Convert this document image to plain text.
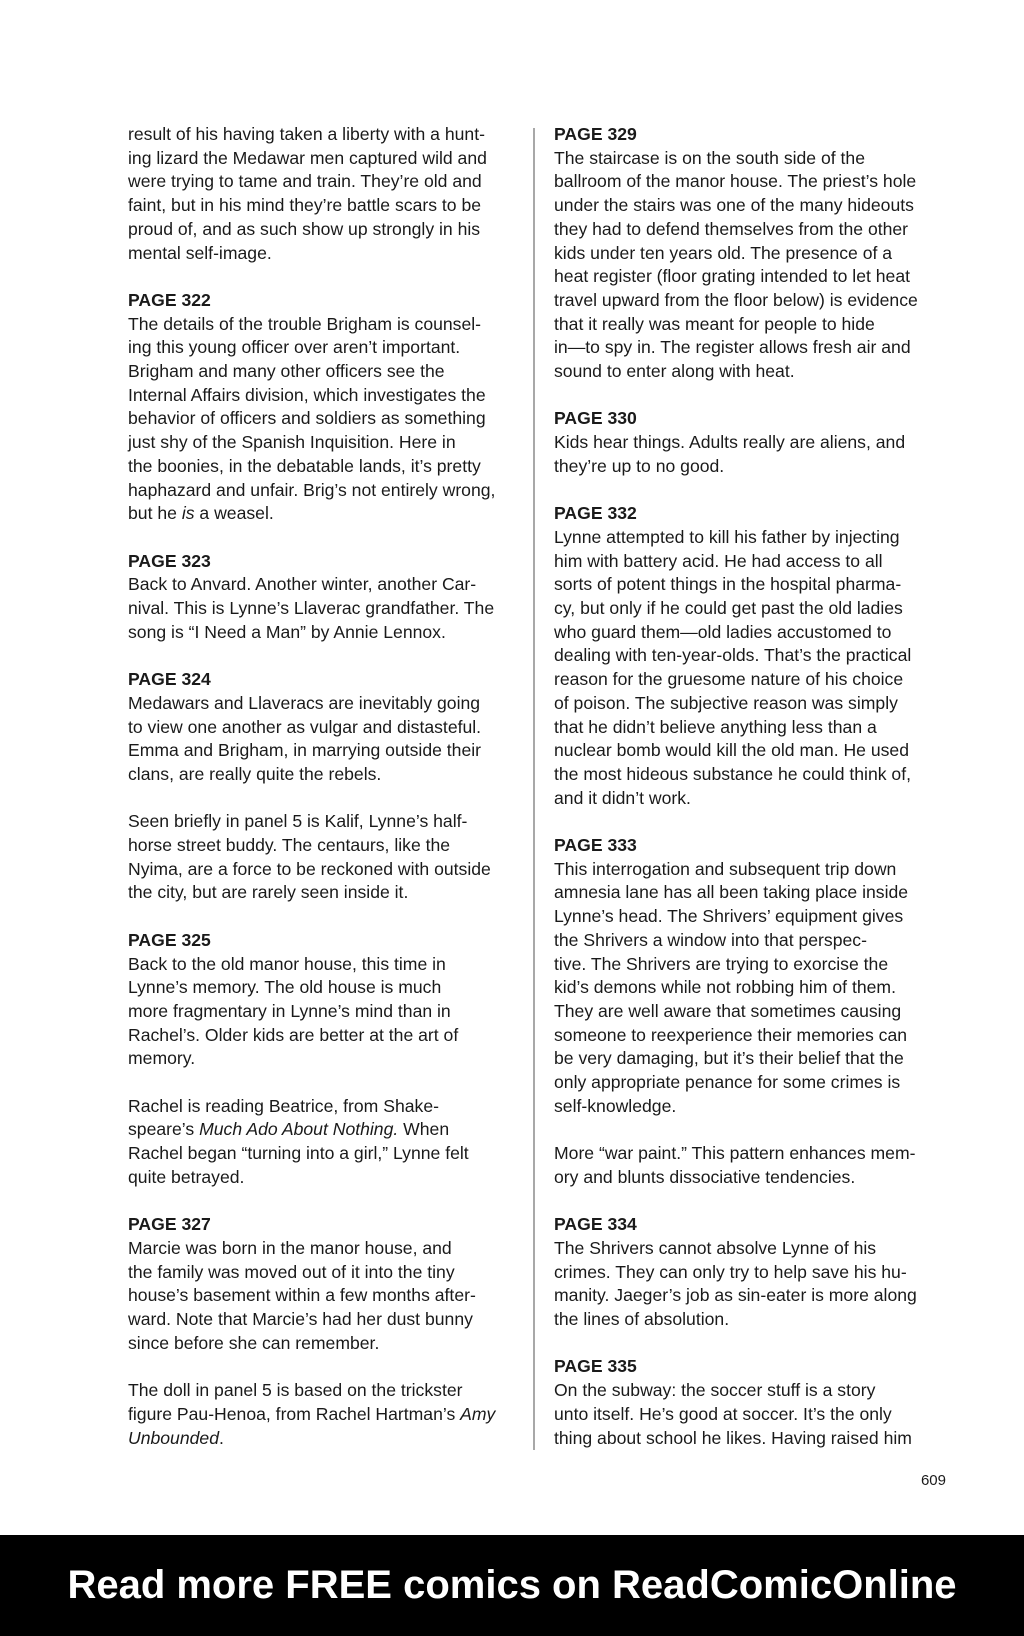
result of his having taken a liberty with a hunt-
ing lizard the Medawar men captured wild and
were trying to tame and train. They’re old and
faint, but in his mind they’re battle scars to be
proud of, and as such show up strongly in his
mental self-image.

PAGE 322

The details of the trouble Brigham is counsel-
ing this young officer over aren’t important.
Brigham and many other officers see the
Internal Affairs division, which investigates the
behavior of officers and soldiers as something
just shy of the Spanish Inquisition. Here in
the boonies, in the debatable lands, it’s pretty
haphazard and unfair. Brig’s not entirely wrong,
but he is a weasel.

PAGE 323

Back to Anvard. Another winter, another Car-
nival. This is Lynne’s Llaverac grandfather. The
song is “I Need a Man” by Annie Lennox.

PAGE 324

Medawars and Llaveracs are inevitably going
to view one another as vulgar and distasteful.
Emma and Brigham, in marrying outside their
clans, are really quite the rebels.

Seen briefly in panel 5 is Kalif, Lynne’s half-
horse street buddy. The centaurs, like the
Nyima, are a force to be reckoned with outside
the city, but are rarely seen inside it.

PAGE 325

Back to the old manor house, this time in
Lynne’s memory. The old house is much
more fragmentary in Lynne’s mind than in
Rachel’s. Older kids are better at the art of
memory.

Rachel is reading Beatrice, from Shake-
speare’s Much Ado About Nothing. When
Rachel began “turning into a girl,” Lynne felt
quite betrayed.

PAGE 327

Marcie was born in the manor house, and
the family was moved out of it into the tiny
house’s basement within a few months after-
ward. Note that Marcie’s had her dust bunny
since before she can remember.

The doll in panel 5 is based on the trickster
figure Pau-Henoa, from Rachel Hartman’s Amy
Unbounded.

PAGE 329

The staircase is on the south side of the
ballroom of the manor house. The priest’s hole
under the stairs was one of the many hideouts
they had to defend themselves from the other
kids under ten years old. The presence of a
heat register (floor grating intended to let heat
travel upward from the floor below) is evidence
that it really was meant for people to hide
in—to spy in. The register allows fresh air and
sound to enter along with heat.

PAGE 330

Kids hear things. Adults really are aliens, and
they’re up to no good.

PAGE 332

Lynne attempted to kill his father by injecting
him with battery acid. He had access to all
sorts of potent things in the hospital pharma-
cy, but only if he could get past the old ladies
who guard them—old ladies accustomed to
dealing with ten-year-olds. That’s the practical
reason for the gruesome nature of his choice
of poison. The subjective reason was simply
that he didn’t believe anything less than a
nuclear bomb would kill the old man. He used
the most hideous substance he could think of,
and it didn’t work.

PAGE 333

This interrogation and subsequent trip down
amnesia lane has all been taking place inside
Lynne’s head. The Shrivers’ equipment gives
the Shrivers a window into that perspec-
tive. The Shrivers are trying to exorcise the
kid’s demons while not robbing him of them.
They are well aware that sometimes causing
someone to reexperience their memories can
be very damaging, but it’s their belief that the
only appropriate penance for some crimes is
self-knowledge.

More “war paint.” This pattern enhances mem-
ory and blunts dissociative tendencies.

PAGE 334

The Shrivers cannot absolve Lynne of his
crimes. They can only try to help save his hu-
manity. Jaeger’s job as sin-eater is more along
the lines of absolution.

PAGE 335

On the subway: the soccer stuff is a story
unto itself. He’s good at soccer. It’s the only
thing about school he likes. Having raised him

609
Read more FREE comics on ReadComicOnline
